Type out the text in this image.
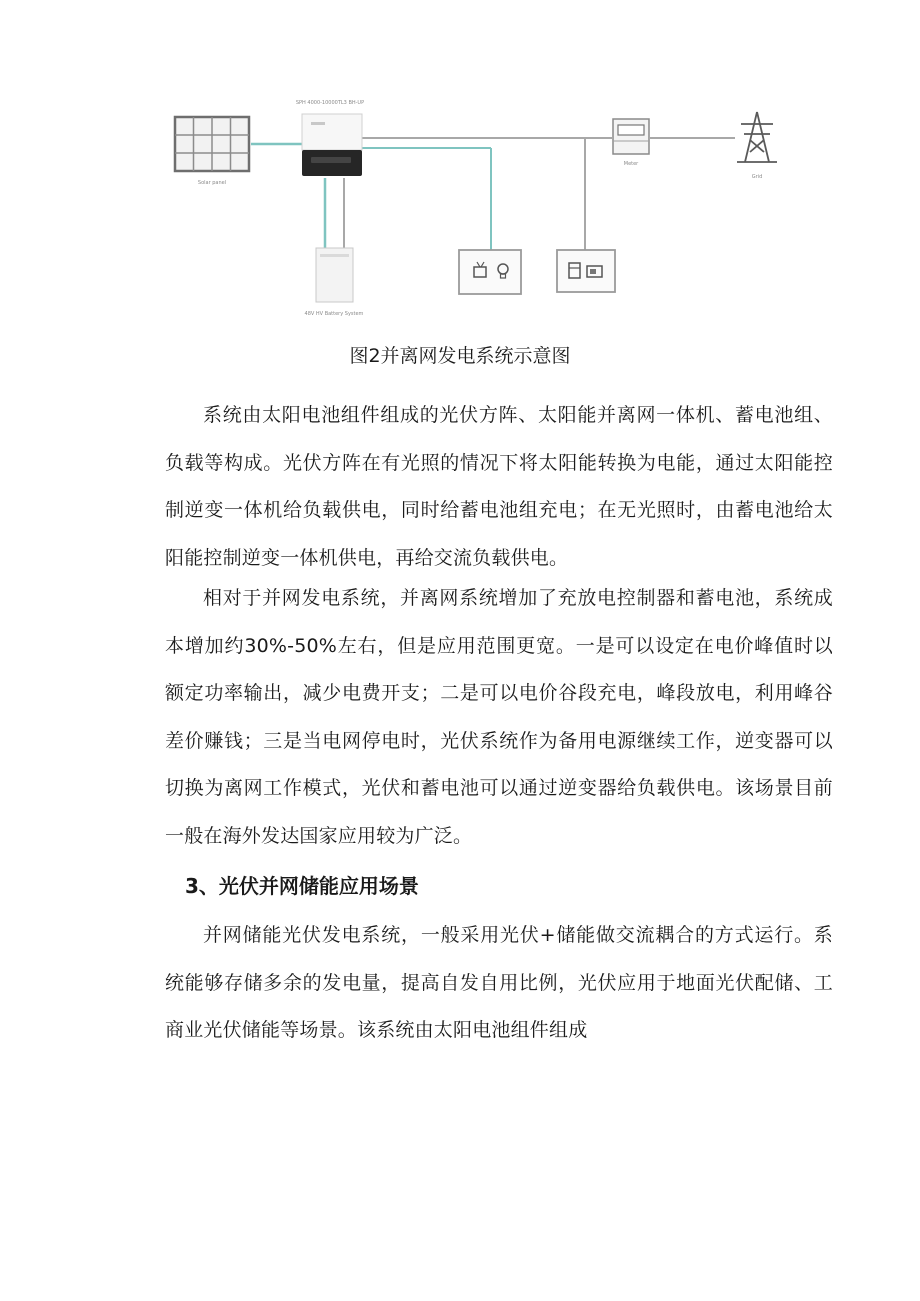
Solar panel
SPH 4000-10000TL3 BH-UP
48V HV Battery System
Meter
Grid
图2并离网发电系统示意图

系统由太阳电池组件组成的光伏方阵、太阳能并离网一体机、蓄电池组、负载等构成。光伏方阵在有光照的情况下将太阳能转换为电能，通过太阳能控制逆变一体机给负载供电，同时给蓄电池组充电；在无光照时，由蓄电池给太阳能控制逆变一体机供电，再给交流负载供电。

相对于并网发电系统，并离网系统增加了充放电控制器和蓄电池，系统成本增加约30%-50%左右，但是应用范围更宽。一是可以设定在电价峰值时以额定功率输出，减少电费开支；二是可以电价谷段充电，峰段放电，利用峰谷差价赚钱；三是当电网停电时，光伏系统作为备用电源继续工作，逆变器可以切换为离网工作模式，光伏和蓄电池可以通过逆变器给负载供电。该场景目前一般在海外发达国家应用较为广泛。

3、光伏并网储能应用场景

并网储能光伏发电系统，一般采用光伏+储能做交流耦合的方式运行。系统能够存储多余的发电量，提高自发自用比例，光伏应用于地面光伏配储、工商业光伏储能等场景。该系统由太阳电池组件组成
